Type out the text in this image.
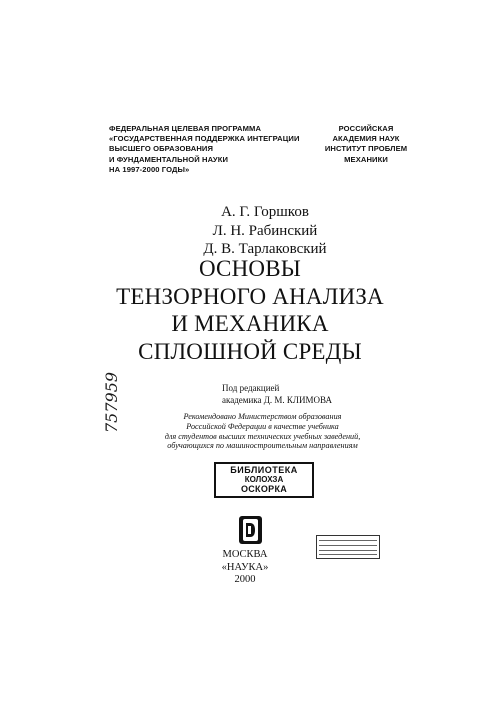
ФЕДЕРАЛЬНАЯ ЦЕЛЕВАЯ ПРОГРАММА
«ГОСУДАРСТВЕННАЯ ПОДДЕРЖКА ИНТЕГРАЦИИ
ВЫСШЕГО ОБРАЗОВАНИЯ
И ФУНДАМЕНТАЛЬНОЙ НАУКИ
НА 1997-2000 ГОДЫ»
РОССИЙСКАЯ
АКАДЕМИЯ НАУК
ИНСТИТУТ ПРОБЛЕМ
МЕХАНИКИ
А. Г. Горшков
Л. Н. Рабинский
Д. В. Тарлаковский
ОСНОВЫ
ТЕНЗОРНОГО АНАЛИЗА
И МЕХАНИКА
СПЛОШНОЙ СРЕДЫ
757959	Под редакцией
академика Д. М. КЛИМОВА
Рекомендовано Министерством образования
Российской Федерации в качестве учебника
для студентов высших технических учебных заведений,
обучающихся по машиностроительным направлениям
БИБЛИОТЕКА
КОЛОХЗА
ОСКОРКА
МОСКВА
«НАУКА»
2000
